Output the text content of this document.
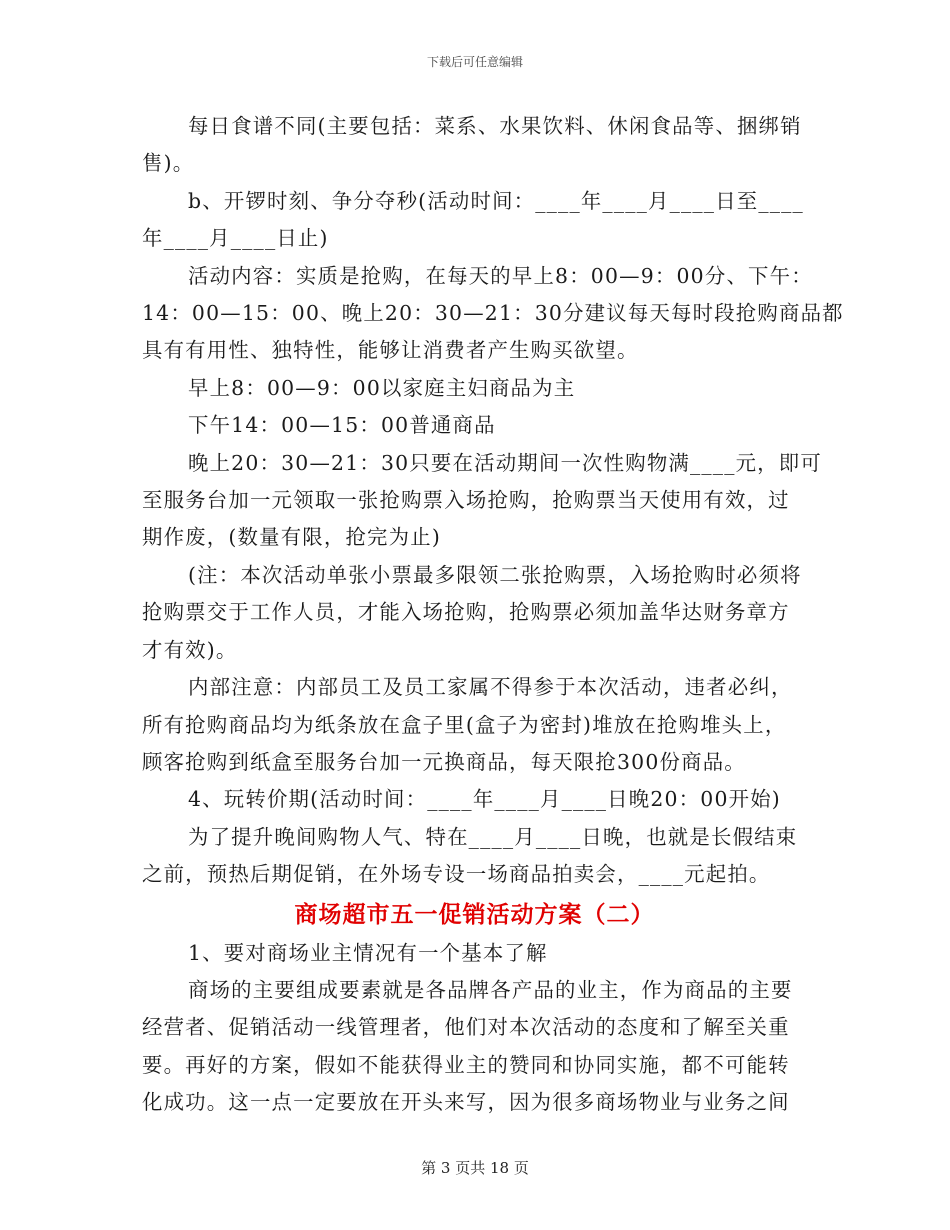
下载后可任意编辑
每日食谱不同(主要包括：菜系、水果饮料、休闲食品等、捆绑销
售)。
b、开锣时刻、争分夺秒(活动时间：____年____月____日至____
年____月____日止)
活动内容：实质是抢购，在每天的早上8：00—9：00分、下午：
14：00—15：00、晚上20：30—21：30分建议每天每时段抢购商品都
具有有用性、独特性，能够让消费者产生购买欲望。
早上8：00—9：00以家庭主妇商品为主
下午14：00—15：00普通商品
晚上20：30—21：30只要在活动期间一次性购物满____元，即可
至服务台加一元领取一张抢购票入场抢购，抢购票当天使用有效，过
期作废，(数量有限，抢完为止)
(注：本次活动单张小票最多限领二张抢购票，入场抢购时必须将
抢购票交于工作人员，才能入场抢购，抢购票必须加盖华达财务章方
才有效)。
内部注意：内部员工及员工家属不得参于本次活动，违者必纠，
所有抢购商品均为纸条放在盒子里(盒子为密封)堆放在抢购堆头上，
顾客抢购到纸盒至服务台加一元换商品，每天限抢300份商品。
4、玩转价期(活动时间：____年____月____日晚20：00开始)
为了提升晚间购物人气、特在____月____日晚，也就是长假结束
之前，预热后期促销，在外场专设一场商品拍卖会，____元起拍。
商场超市五一促销活动方案（二）
1、要对商场业主情况有一个基本了解
商场的主要组成要素就是各品牌各产品的业主，作为商品的主要
经营者、促销活动一线管理者，他们对本次活动的态度和了解至关重
要。再好的方案，假如不能获得业主的赞同和协同实施，都不可能转
化成功。这一点一定要放在开头来写，因为很多商场物业与业务之间
第 3 页共 18 页
